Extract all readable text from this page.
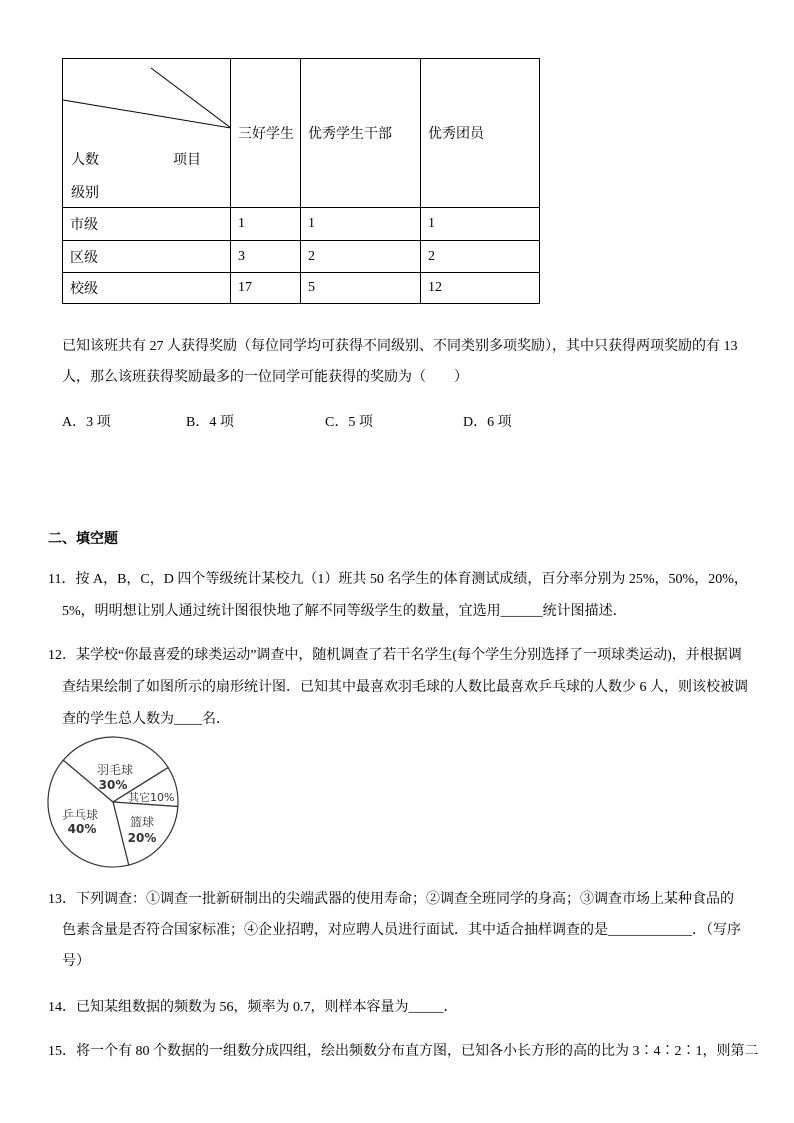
人数 项目
级别	三好学生	优秀学生干部	优秀团员
市级	1	1	1
区级	3	2	2
校级	17	5	12
已知该班共有 27 人获得奖励（每位同学均可获得不同级别、不同类别多项奖励），其中只获得两项奖励的有 13
人，那么该班获得奖励最多的一位同学可能获得的奖励为（　　）
A．3 项	B．4 项	C．5 项	D．6 项
二、填空题
11．按 A，B，C，D 四个等级统计某校九（1）班共 50 名学生的体育测试成绩，百分率分别为 25%，50%，20%，
5%，明明想让别人通过统计图很快地了解不同等级学生的数量，宜选用______统计图描述．
12．某学校“你最喜爱的球类运动”调查中，随机调查了若干名学生(每个学生分别选择了一项球类运动)，并根据调
查结果绘制了如图所示的扇形统计图．已知其中最喜欢羽毛球的人数比最喜欢乒乓球的人数少 6 人，则该校被调
查的学生总人数为____名．
羽毛球
30%
其它10%
篮球
20%
乒乓球
40%
13．下列调查：①调查一批新研制出的尖端武器的使用寿命；②调查全班同学的身高；③调查市场上某种食品的
色素含量是否符合国家标准；④企业招聘，对应聘人员进行面试．其中适合抽样调查的是____________．（写序
号）
14．已知某组数据的频数为 56，频率为 0.7，则样本容量为_____．
15．将一个有 80 个数据的一组数分成四组，绘出频数分布直方图，已知各小长方形的高的比为 3∶4∶2∶1，则第二
